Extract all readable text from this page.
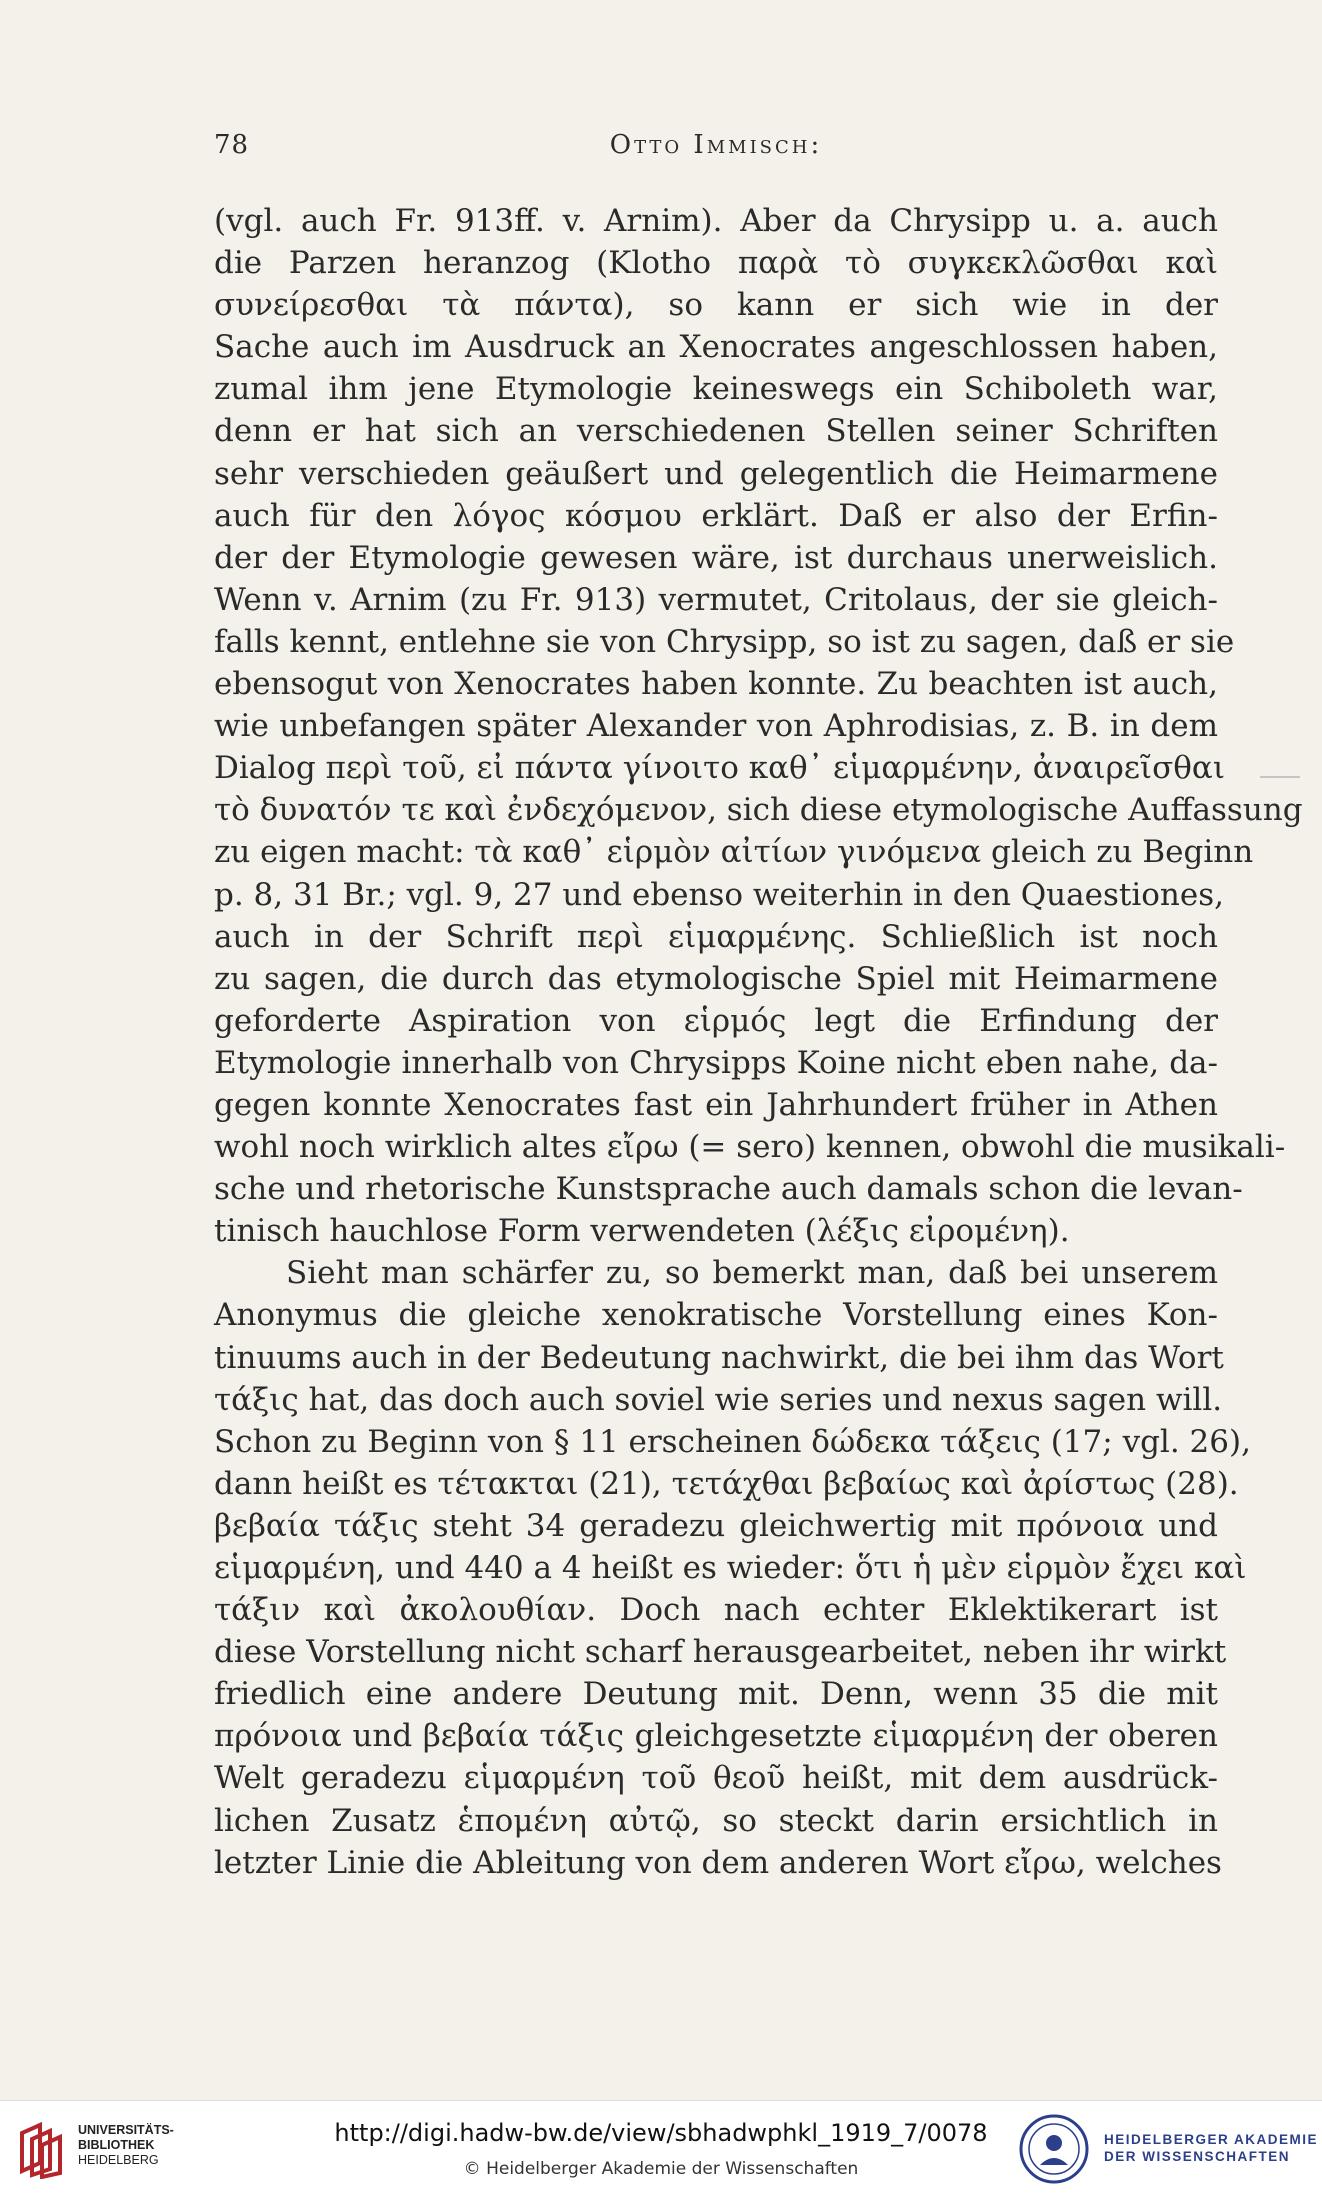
78	Otto Immisch:
(vgl. auch Fr. 913ff. v. Arnim). Aber da Chrysipp u. a. auch
die Parzen heranzog (Klotho παρὰ τὸ συγκεκλῶσθαι καὶ
συνείρεσθαι τὰ πάντα), so kann er sich wie in der
Sache auch im Ausdruck an Xenocrates angeschlossen haben,
zumal ihm jene Etymologie keineswegs ein Schiboleth war,
denn er hat sich an verschiedenen Stellen seiner Schriften
sehr verschieden geäußert und gelegentlich die Heimarmene
auch für den λόγος κόσμου erklärt. Daß er also der Erfin-
der der Etymologie gewesen wäre, ist durchaus unerweislich.
Wenn v. Arnim (zu Fr. 913) vermutet, Critolaus, der sie gleich-
falls kennt, entlehne sie von Chrysipp, so ist zu sagen, daß er sie
ebensogut von Xenocrates haben konnte. Zu beachten ist auch,
wie unbefangen später Alexander von Aphrodisias, z. B. in dem
Dialog περὶ τοῦ, εἰ πάντα γίνοιτο καθ᾽ εἱμαρμένην, ἀναιρεῖσθαι
τὸ δυνατόν τε καὶ ἐνδεχόμενον, sich diese etymologische Auffassung
zu eigen macht: τὰ καθ᾽ εἱρμὸν αἰτίων γινόμενα gleich zu Beginn
p. 8, 31 Br.; vgl. 9, 27 und ebenso weiterhin in den Quaestiones,
auch in der Schrift περὶ εἱμαρμένης. Schließlich ist noch
zu sagen, die durch das etymologische Spiel mit Heimarmene
geforderte Aspiration von εἱρμός legt die Erfindung der
Etymologie innerhalb von Chrysipps Koine nicht eben nahe, da-
gegen konnte Xenocrates fast ein Jahrhundert früher in Athen
wohl noch wirklich altes εἴρω (= sero) kennen, obwohl die musikali-
sche und rhetorische Kunstsprache auch damals schon die levan-
tinisch hauchlose Form verwendeten (λέξις εἰρομένη).
Sieht man schärfer zu, so bemerkt man, daß bei unserem
Anonymus die gleiche xenokratische Vorstellung eines Kon-
tinuums auch in der Bedeutung nachwirkt, die bei ihm das Wort
τάξις hat, das doch auch soviel wie series und nexus sagen will.
Schon zu Beginn von § 11 erscheinen δώδεκα τάξεις (17; vgl. 26),
dann heißt es τέτακται (21), τετάχθαι βεβαίως καὶ ἀρίστως (28).
βεβαία τάξις steht 34 geradezu gleichwertig mit πρόνοια und
εἱμαρμένη, und 440 a 4 heißt es wieder: ὅτι ἡ μὲν εἱρμὸν ἔχει καὶ
τάξιν καὶ ἀκολουθίαν. Doch nach echter Eklektikerart ist
diese Vorstellung nicht scharf herausgearbeitet, neben ihr wirkt
friedlich eine andere Deutung mit. Denn, wenn 35 die mit
πρόνοια und βεβαία τάξις gleichgesetzte εἱμαρμένη der oberen
Welt geradezu εἱμαρμένη τοῦ θεοῦ heißt, mit dem ausdrück-
lichen Zusatz ἑπομένη αὐτῷ, so steckt darin ersichtlich in
letzter Linie die Ableitung von dem anderen Wort εἴρω, welches
UNIVERSITÄTS-
BIBLIOTHEK
HEIDELBERG
http://digi.hadw-bw.de/view/sbhadwphkl_1919_7/0078
© Heidelberger Akademie der Wissenschaften
HEIDELBERGER AKADEMIE
DER WISSENSCHAFTEN
